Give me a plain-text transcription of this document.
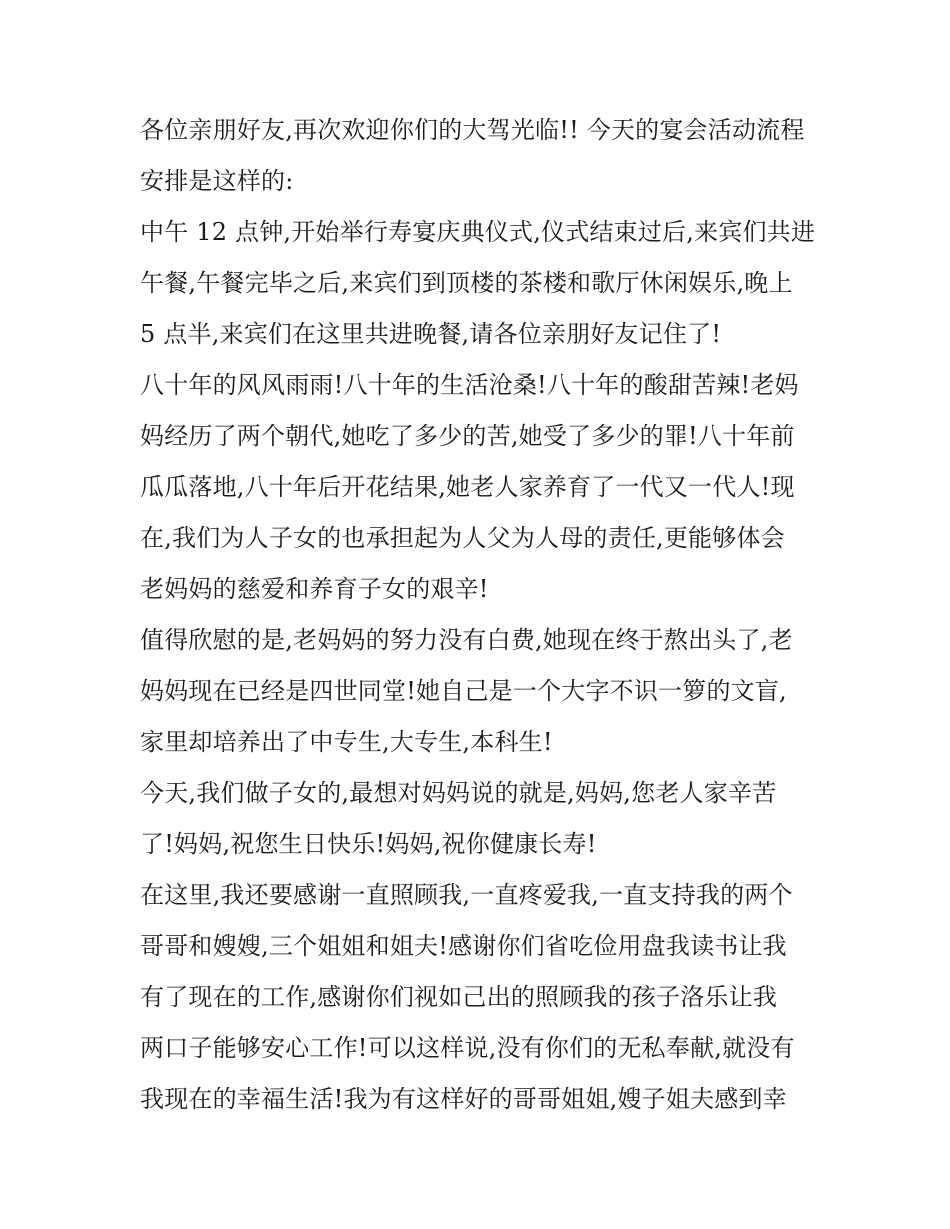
各位亲朋好友,再次欢迎你们的大驾光临!! 今天的宴会活动流程
安排是这样的:
中午 12 点钟,开始举行寿宴庆典仪式,仪式结束过后,来宾们共进
午餐,午餐完毕之后,来宾们到顶楼的茶楼和歌厅休闲娱乐,晚上
5 点半,来宾们在这里共进晚餐,请各位亲朋好友记住了!
八十年的风风雨雨!八十年的生活沧桑!八十年的酸甜苦辣!老妈
妈经历了两个朝代,她吃了多少的苦,她受了多少的罪!八十年前
瓜瓜落地,八十年后开花结果,她老人家养育了一代又一代人!现
在,我们为人子女的也承担起为人父为人母的责任,更能够体会
老妈妈的慈爱和养育子女的艰辛!
值得欣慰的是,老妈妈的努力没有白费,她现在终于熬出头了,老
妈妈现在已经是四世同堂!她自己是一个大字不识一箩的文盲,
家里却培养出了中专生,大专生,本科生!
今天,我们做子女的,最想对妈妈说的就是,妈妈,您老人家辛苦
了!妈妈,祝您生日快乐!妈妈,祝你健康长寿!
在这里,我还要感谢一直照顾我,一直疼爱我,一直支持我的两个
哥哥和嫂嫂,三个姐姐和姐夫!感谢你们省吃俭用盘我读书让我
有了现在的工作,感谢你们视如己出的照顾我的孩子洛乐让我
两口子能够安心工作!可以这样说,没有你们的无私奉献,就没有
我现在的幸福生活!我为有这样好的哥哥姐姐,嫂子姐夫感到幸
